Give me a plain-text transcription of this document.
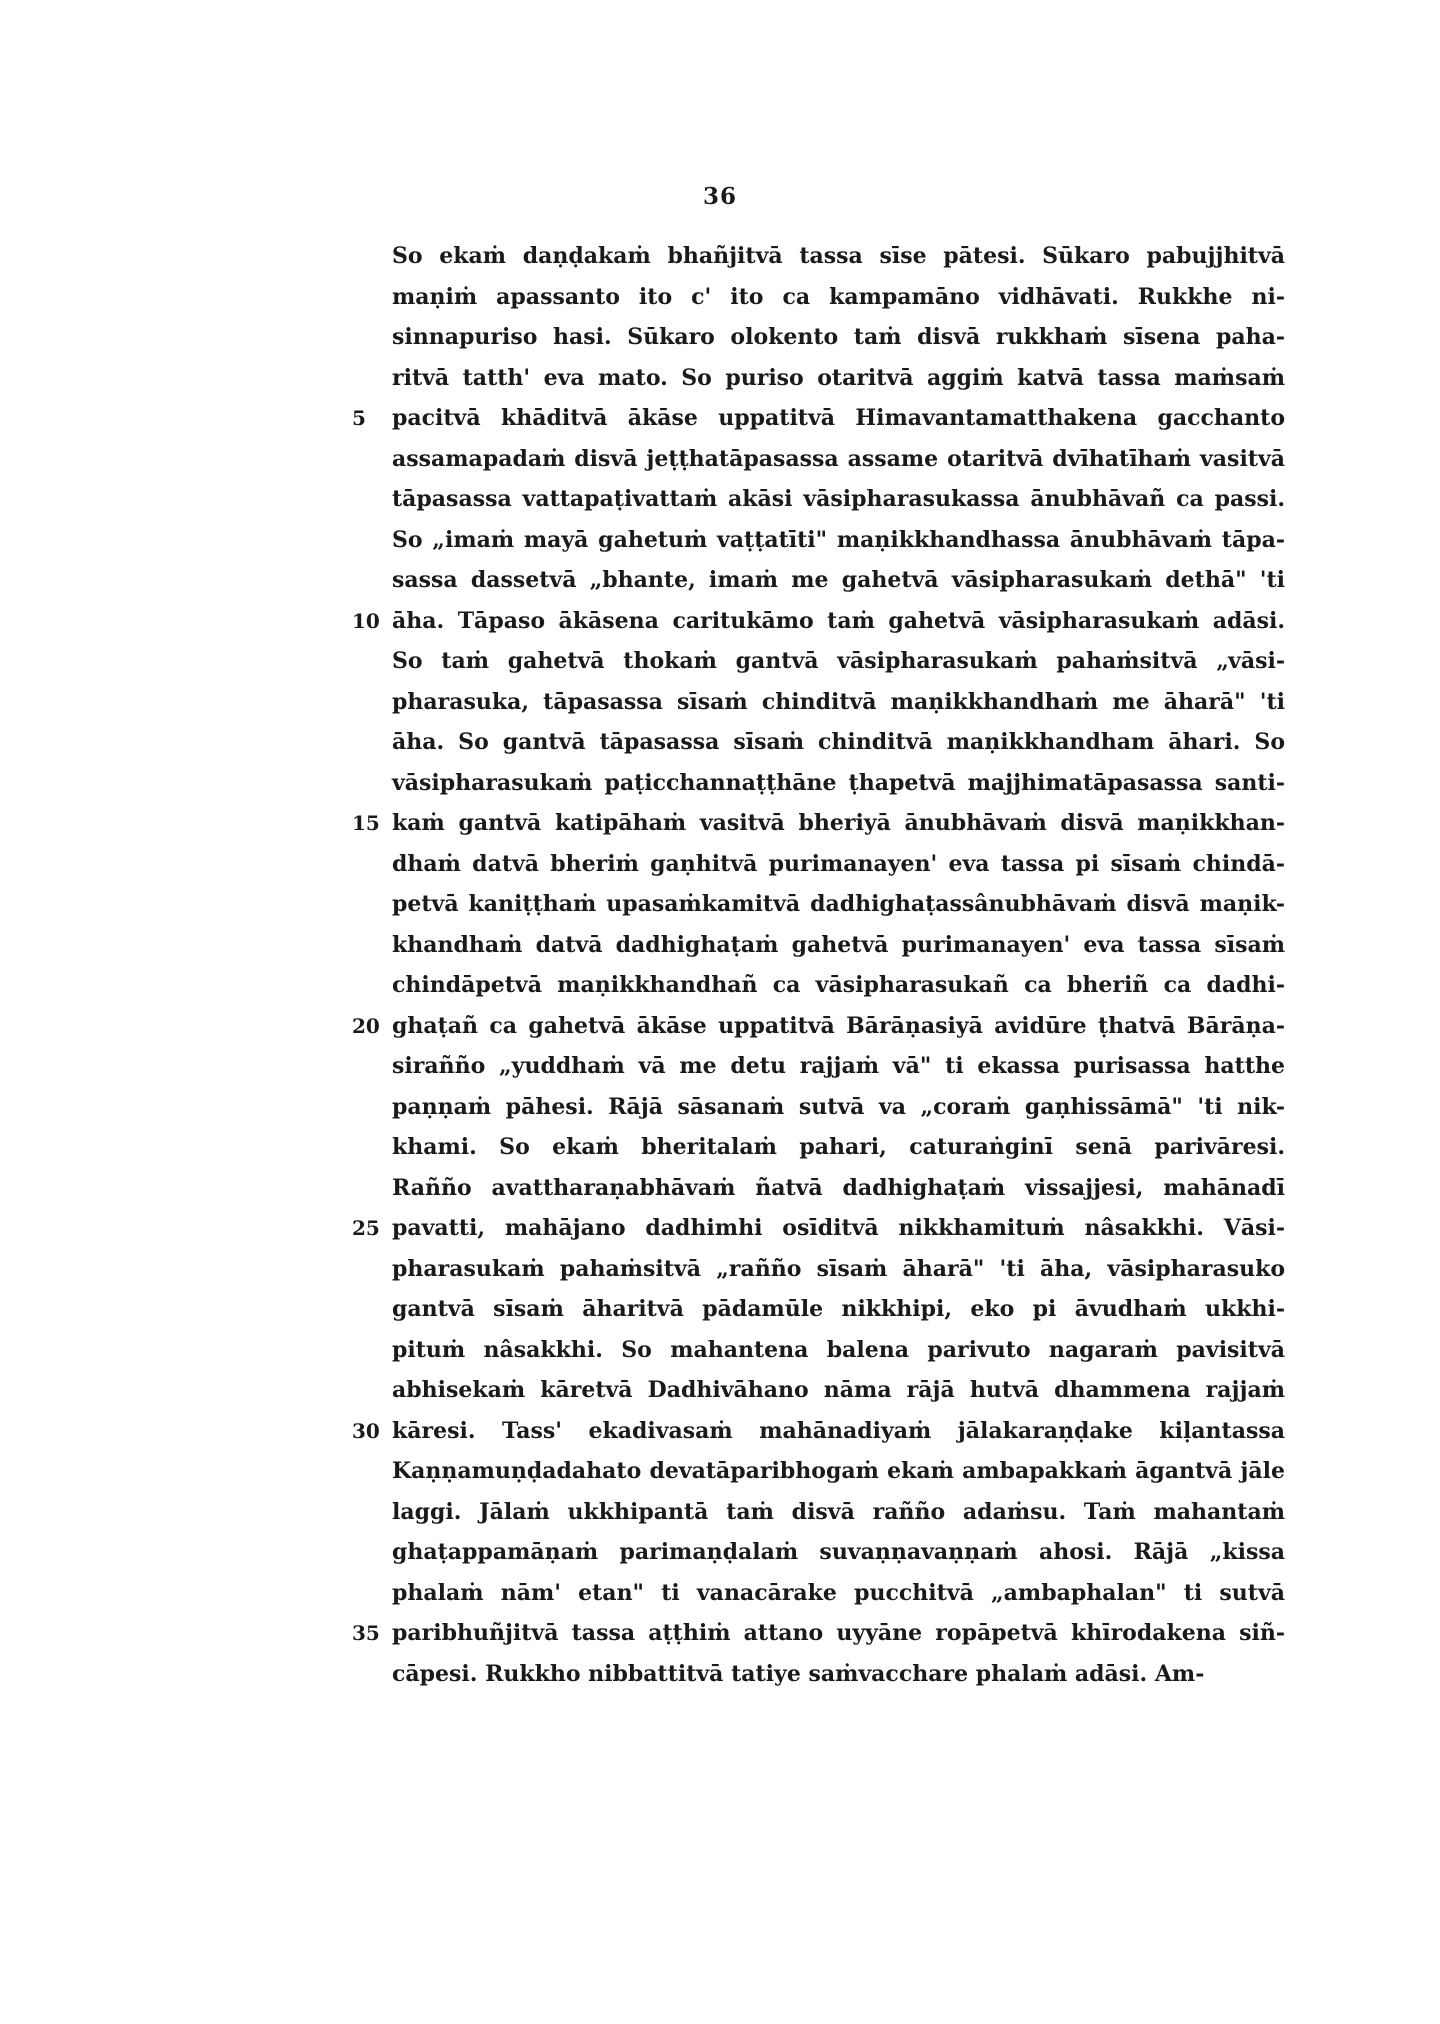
36
So ekaṁ daṇḍakaṁ bhañjitvā tassa sīse pātesi. Sūkaro pabujjhitvā
maṇiṁ apassanto ito c' ito ca kampamāno vidhāvati. Rukkhe ni-
sinnapuriso hasi. Sūkaro olokento taṁ disvā rukkhaṁ sīsena paha-
ritvā tatth' eva mato. So puriso otaritvā aggiṁ katvā tassa maṁsaṁ
5	pacitvā khāditvā ākāse uppatitvā Himavantamatthakena gacchanto
assamapadaṁ disvā jeṭṭhatāpasassa assame otaritvā dvīhatīhaṁ vasitvā
tāpasassa vattapaṭivattaṁ akāsi vāsipharasukassa ānubhāvañ ca passi.
So „imaṁ mayā gahetuṁ vaṭṭatīti" maṇikkhandhassa ānubhāvaṁ tāpa-
sassa dassetvā „bhante, imaṁ me gahetvā vāsipharasukaṁ dethā" 'ti
10 āha. Tāpaso ākāsena caritukāmo taṁ gahetvā vāsipharasukaṁ adāsi.
So taṁ gahetvā thokaṁ gantvā vāsipharasukaṁ pahaṁsitvā „vāsi-
pharasuka, tāpasassa sīsaṁ chinditvā maṇikkhandhaṁ me āharā" 'ti
āha. So gantvā tāpasassa sīsaṁ chinditvā maṇikkhandham āhari. So
vāsipharasukaṁ paṭicchannaṭṭhāne ṭhapetvā majjhimatāpasassa santi-
15 kaṁ gantvā katipāhaṁ vasitvā bheriyā ānubhāvaṁ disvā maṇikkhan-
dhaṁ datvā bheriṁ gaṇhitvā purimanayen' eva tassa pi sīsaṁ chindā-
petvā kaniṭṭhaṁ upasaṁkamitvā dadhighaṭassânubhāvaṁ disvā maṇik-
khandhaṁ datvā dadhighaṭaṁ gahetvā purimanayen' eva tassa sīsaṁ
chindāpetvā maṇikkhandhañ ca vāsipharasukañ ca bheriñ ca dadhi-
20 ghaṭañ ca gahetvā ākāse uppatitvā Bārāṇasiyā avidūre ṭhatvā Bārāṇa-
siraññо „yuddhaṁ vā me detu rajjaṁ vā" ti ekassa purisassa hatthe
paṇṇaṁ pāhesi. Rājā sāsanaṁ sutvā va „coraṁ gaṇhissāmā" 'ti nik-
khami. So ekaṁ bheritalaṁ pahari, caturaṅginī senā parivāresi.
Rañño avattharaṇabhāvaṁ ñatvā dadhighaṭaṁ vissajjesi, mahānadī
25 pavatti, mahājano dadhimhi osīditvā nikkhamituṁ nâsakkhi. Vāsi-
pharasukaṁ pahaṁsitvā „rañño sīsaṁ āharā" 'ti āha, vāsipharasuko
gantvā sīsaṁ āharitvā pādamūle nikkhipi, eko pi āvudhaṁ ukkhi-
pituṁ nâsakkhi. So mahantena balena parivuto nagaraṁ pavisitvā
abhisekaṁ kāretvā Dadhivāhano nāma rājā hutvā dhammena rajjaṁ
30 kāresi. Tass' ekadivasaṁ mahānadiyaṁ jālakaraṇḍake kiḷantassa
Kaṇṇamuṇḍadahato devatāparibhogaṁ ekaṁ ambapakkaṁ āgantvā jāle
laggi. Jālaṁ ukkhipantā taṁ disvā rañño adaṁsu. Taṁ mahantaṁ
ghaṭappamāṇaṁ parimaṇḍalaṁ suvaṇṇavaṇṇaṁ ahosi. Rājā „kissa
phalaṁ nām' etan" ti vanacārake pucchitvā „ambaphalan" ti sutvā
35 paribhuñjitvā tassa aṭṭhiṁ attano uyyāne ropāpetvā khīrodakena siñ-
cāpesi. Rukkho nibbattitvā tatiye saṁvacchare phalaṁ adāsi. Am-
